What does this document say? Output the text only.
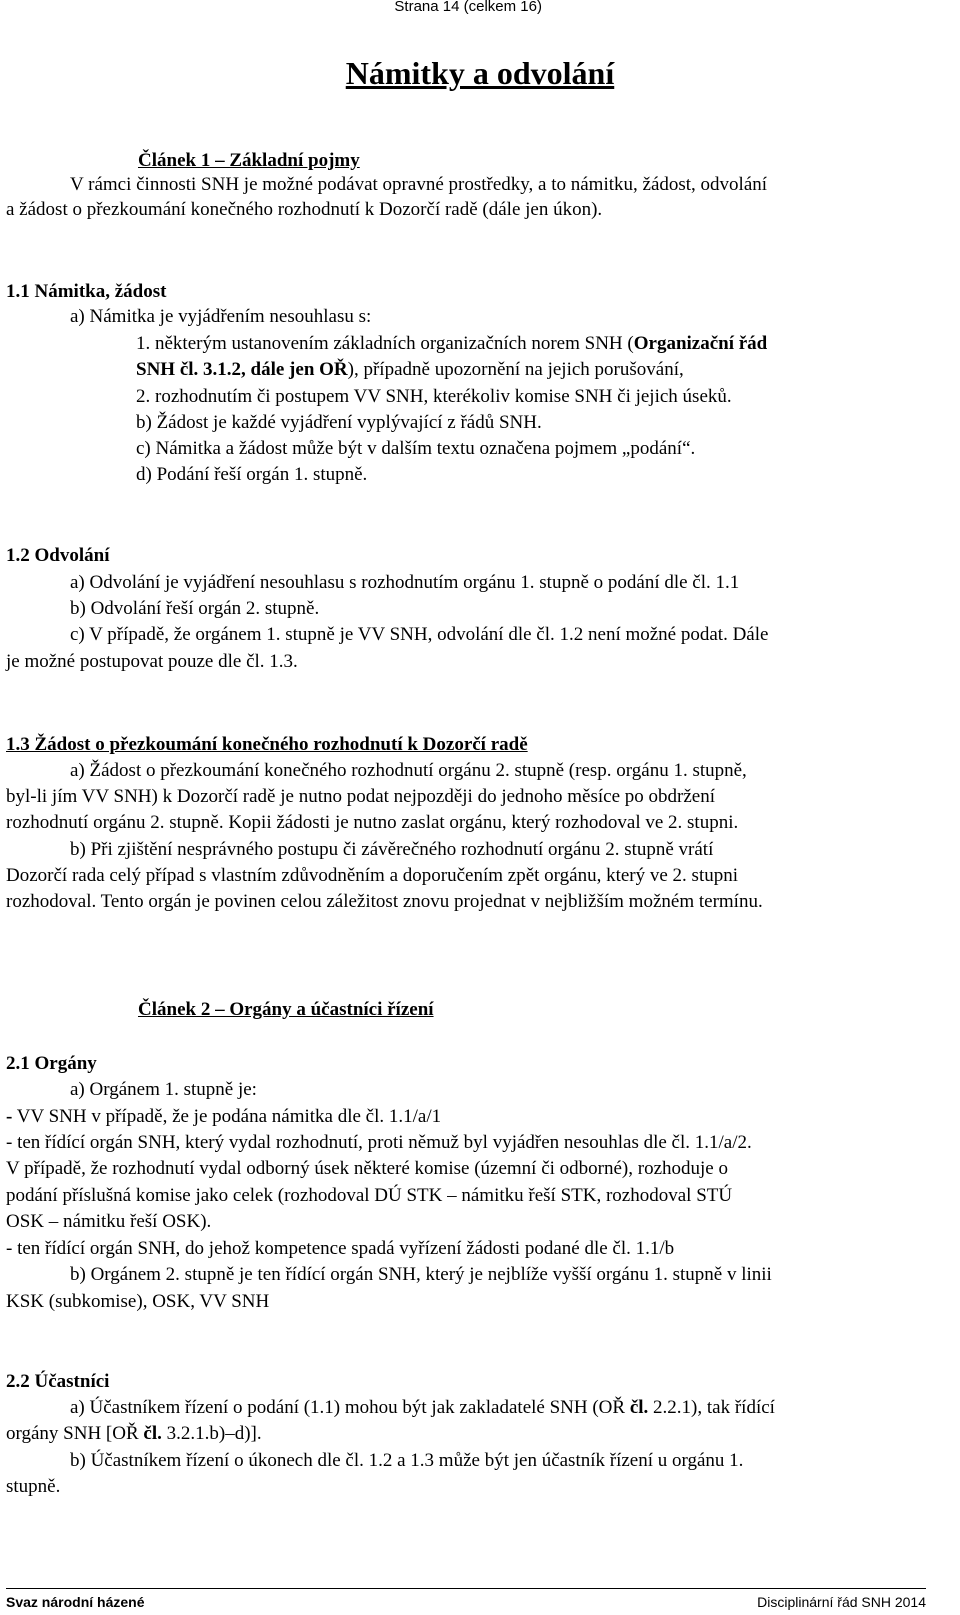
Strana 14 (celkem 16)
Námitky a odvolání
Článek 1 – Základní pojmy
V rámci činnosti SNH je možné podávat opravné prostředky, a to námitku, žádost, odvolání
a žádost o přezkoumání konečného rozhodnutí k Dozorčí radě (dále jen úkon).
1.1 Námitka, žádost
a) Námitka je vyjádřením nesouhlasu s:
1. některým ustanovením základních organizačních norem SNH (Organizační řád
SNH čl. 3.1.2, dále jen OŘ), případně upozornění na jejich porušování,
2. rozhodnutím či postupem VV SNH, kterékoliv komise SNH či jejich úseků.
b) Žádost je každé vyjádření vyplývající z řádů SNH.
c) Námitka a žádost může být v dalším textu označena pojmem „podání“.
d) Podání řeší orgán 1. stupně.
1.2 Odvolání
a) Odvolání je vyjádření nesouhlasu s rozhodnutím orgánu 1. stupně o podání dle čl. 1.1
b) Odvolání řeší orgán 2. stupně.
c) V případě, že orgánem 1. stupně je VV SNH, odvolání dle čl. 1.2 není možné podat. Dále
je možné postupovat pouze dle čl. 1.3.
1.3 Žádost o přezkoumání konečného rozhodnutí k Dozorčí radě
a) Žádost o přezkoumání konečného rozhodnutí orgánu 2. stupně (resp. orgánu 1. stupně,
byl-li jím VV SNH) k Dozorčí radě je nutno podat nejpozději do jednoho měsíce po obdržení
rozhodnutí orgánu 2. stupně. Kopii žádosti je nutno zaslat orgánu, který rozhodoval ve 2. stupni.
b) Při zjištění nesprávného postupu či závěrečného rozhodnutí orgánu 2. stupně vrátí
Dozorčí rada celý případ s vlastním zdůvodněním a doporučením zpět orgánu, který ve 2. stupni
rozhodoval. Tento orgán je povinen celou záležitost znovu projednat v nejbližším možném termínu.
Článek 2 – Orgány a účastníci řízení
2.1 Orgány
a) Orgánem 1. stupně je:
- VV SNH v případě, že je podána námitka dle čl. 1.1/a/1
- ten řídící orgán SNH, který vydal rozhodnutí, proti němuž byl vyjádřen nesouhlas dle čl. 1.1/a/2.
V případě, že rozhodnutí vydal odborný úsek některé komise (územní či odborné), rozhoduje o
podání příslušná komise jako celek (rozhodoval DÚ STK – námitku řeší STK, rozhodoval STÚ
OSK – námitku řeší OSK).
- ten řídící orgán SNH, do jehož kompetence spadá vyřízení žádosti podané dle čl. 1.1/b
b) Orgánem 2. stupně je ten řídící orgán SNH, který je nejblíže vyšší orgánu 1. stupně v linii
KSK (subkomise), OSK, VV SNH
2.2 Účastníci
a) Účastníkem řízení o podání (1.1) mohou být jak zakladatelé SNH (OŘ čl. 2.2.1), tak řídící
orgány SNH [OŘ čl. 3.2.1.b)–d)].
b) Účastníkem řízení o úkonech dle čl. 1.2 a 1.3 může být jen účastník řízení u orgánu 1.
stupně.
Svaz národní házené	Disciplinární řád SNH 2014
